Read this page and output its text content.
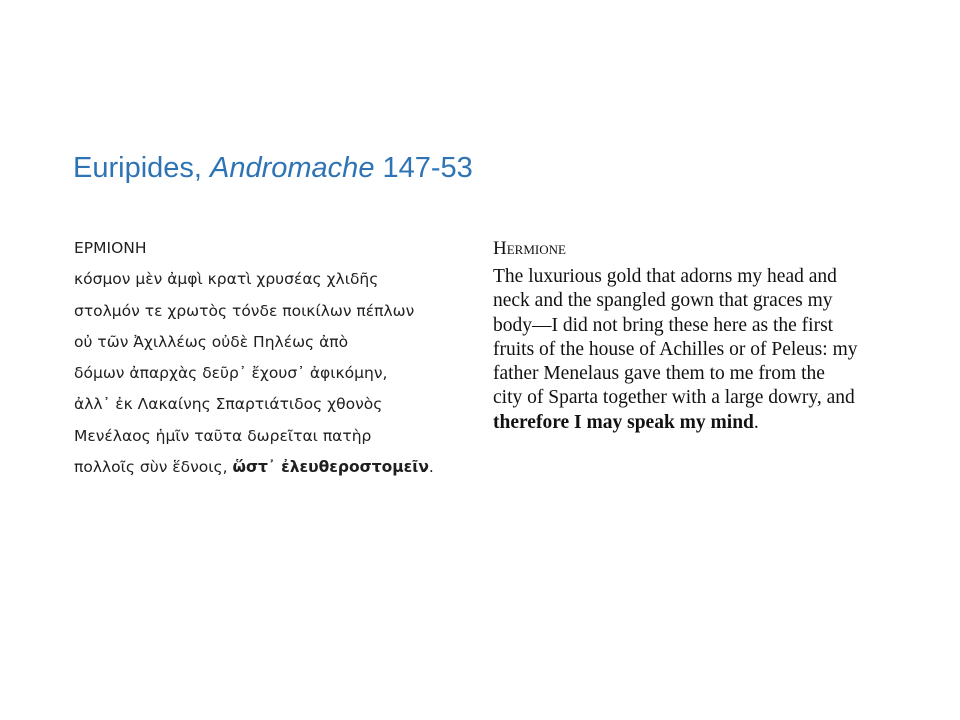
Euripides, Andromache 147-53
ΕΡΜΙΟΝΗ
κόσμον μὲν ἀμφὶ κρατὶ χρυσέας χλιδῆς
στολμόν τε χρωτὸς τόνδε ποικίλων πέπλων
οὐ τῶν Ἀχιλλέως οὐδὲ Πηλέως ἀπὸ
δόμων ἀπαρχὰς δεῦρ᾽ ἔχουσ᾽ ἀφικόμην,
ἀλλ᾽ ἐκ Λακαίνης Σπαρτιάτιδος χθονὸς
Μενέλαος ἡμῖν ταῦτα δωρεῖται πατὴρ
πολλοῖς σὺν ἕδνοις, ὥστ᾽ ἐλευθεροστομεῖν.
Hermione
The luxurious gold that adorns my head and
neck and the spangled gown that graces my
body—I did not bring these here as the first
fruits of the house of Achilles or of Peleus: my
father Menelaus gave them to me from the
city of Sparta together with a large dowry, and
therefore I may speak my mind.
